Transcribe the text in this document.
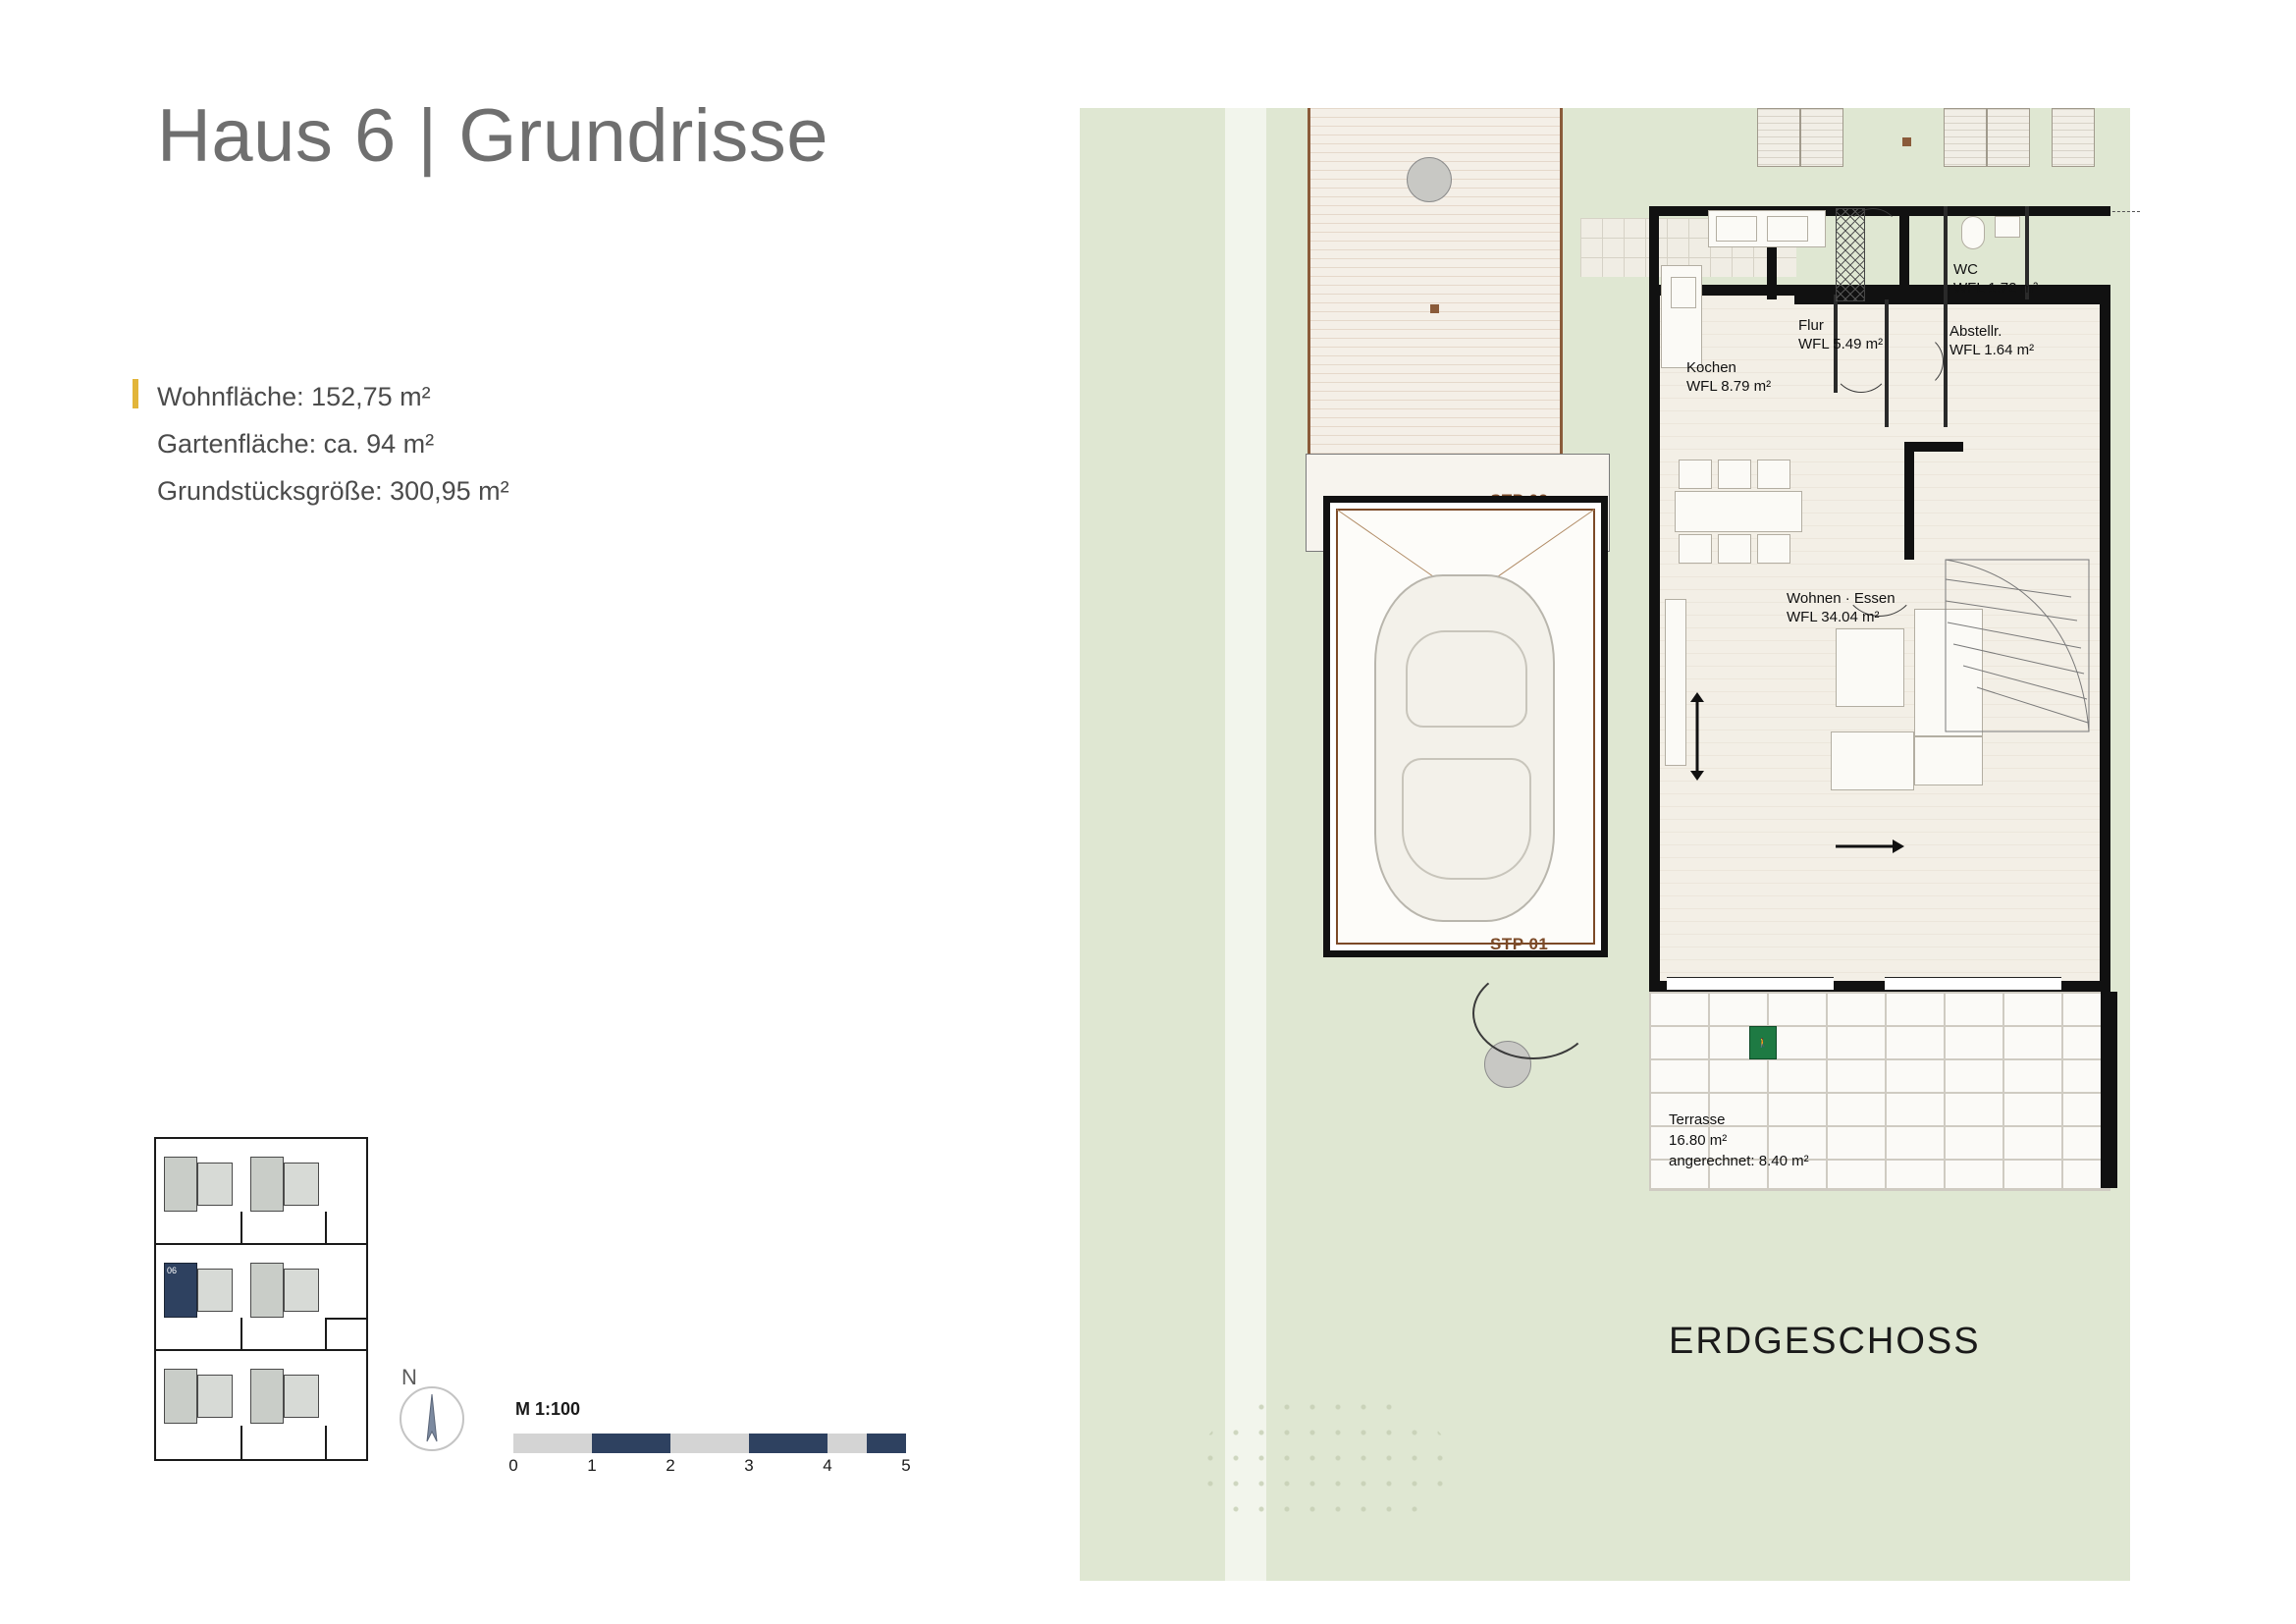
Haus 6 | Grundrisse
Wohnfläche: 152,75 m²
Gartenfläche: ca. 94 m²
Grundstücksgröße: 300,95 m²
06
N
M 1:100
0	1	2	3	4	5
STP 01
Kochen
WFL 8.79 m²
Flur
WFL 5.49 m²
WC
WFL 1.72 m²
Abstellr.
WFL 1.64 m²
Wohnen · Essen
WFL 34.04 m²
🚶
Terrasse
16.80 m²
angerechnet: 8.40 m²
ERDGESCHOSS
